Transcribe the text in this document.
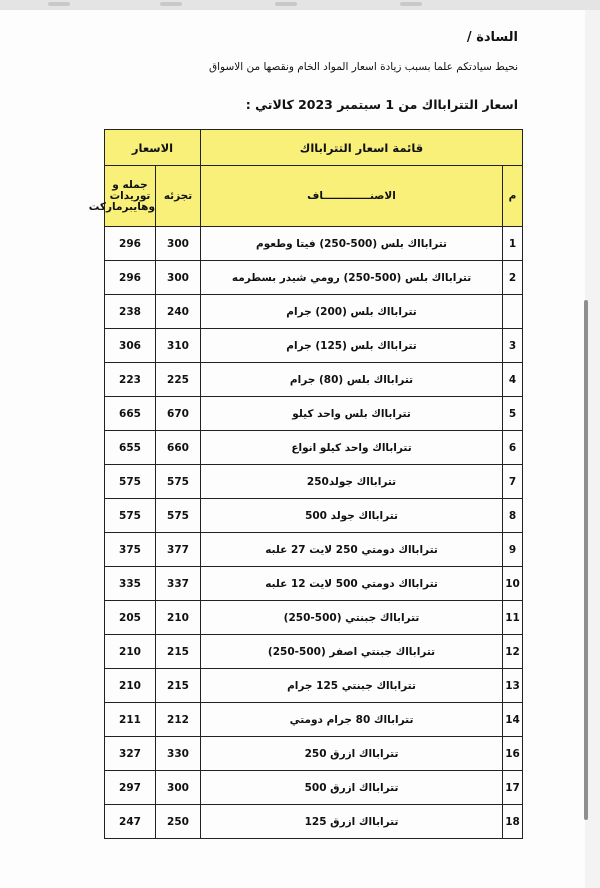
السادة /
نحيط سيادتكم علما بسبب زيادة اسعار المواد الخام ونقصها من الاسواق
اسعار التترابااك من 1 سبتمبر 2023 كالاتي :
الاسعار		قائمة اسعار التترابااك	
جمله و توريدات وهايبرماركت	تجزئه	الاصنـــــــــــــاف	م
296	300	تترابااك بلس (500-250) فيتا وطعوم	1
296	300	تترابااك بلس (500-250) رومي شيدر بسطرمه	2
238	240	تترابااك بلس (200) جرام	
306	310	تترابااك بلس (125) جرام	3
223	225	تترابااك بلس (80) جرام	4
665	670	تترابااك بلس واحد كيلو	5
655	660	تترابااك واحد كيلو انواع	6
575	575	تترابااك جولد250	7
575	575	تترابااك جولد 500	8
375	377	تترابااك دومتي 250 لايت 27 علبه	9
335	337	تترابااك دومتي 500 لايت 12 علبه	10
205	210	تترابااك جبنتي (500-250)	11
210	215	تترابااك جبنتي اصفر (500-250)	12
210	215	تترابااك جبنتي 125 جرام	13
211	212	تترابااك 80 جرام دومتي	14
327	330	تترابااك ازرق 250	16
297	300	تترابااك ازرق 500	17
247	250	تترابااك ازرق 125	18
